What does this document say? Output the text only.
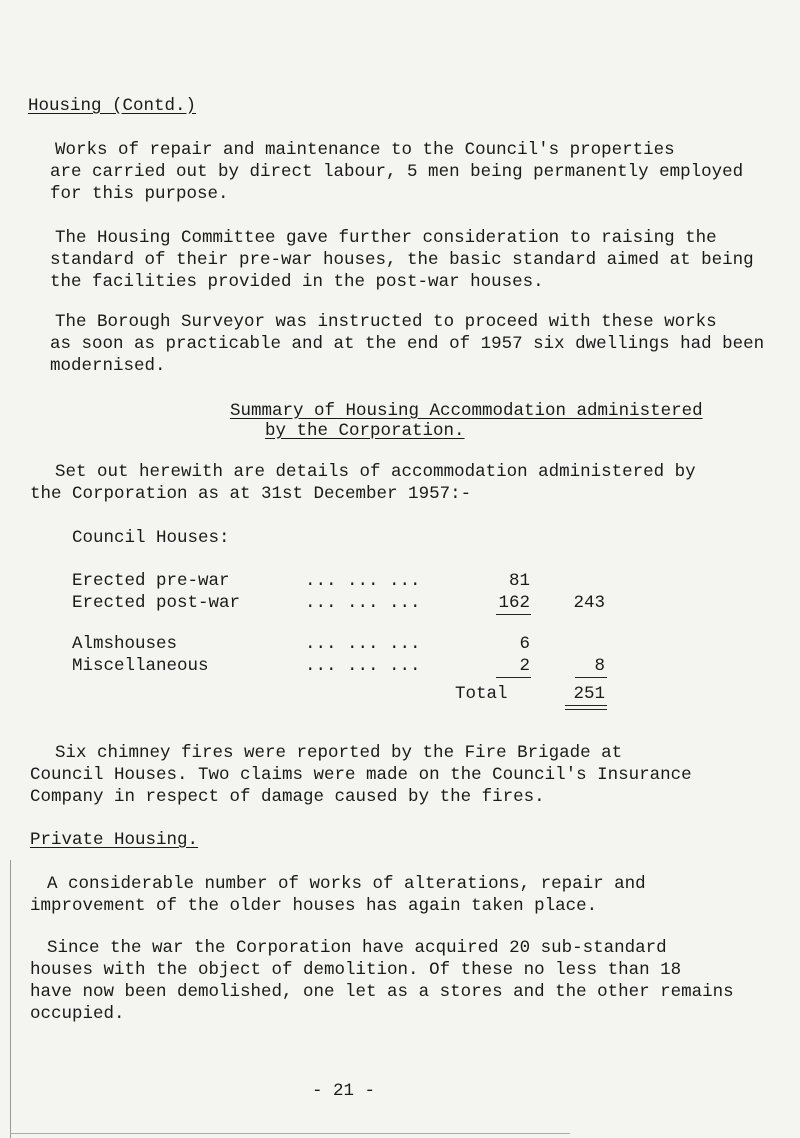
Housing (Contd.)
Works of repair and maintenance to the Council's properties
are carried out by direct labour, 5 men being permanently employed
for this purpose.
The Housing Committee gave further consideration to raising the
standard of their pre-war houses, the basic standard aimed at being
the facilities provided in the post-war houses.
The Borough Surveyor was instructed to proceed with these works
as soon as practicable and at the end of 1957 six dwellings had been
modernised.
Summary of Housing Accommodation administered
by the Corporation.
Set out herewith are details of accommodation administered by
the Corporation as at 31st December 1957:-
Council Houses:
Erected pre-war	... ... ...	81
Erected post-war	... ... ...	162	243
Almshouses	... ... ...	6
Miscellaneous	... ... ...	2	8
Total	251
Six chimney fires were reported by the Fire Brigade at
Council Houses. Two claims were made on the Council's Insurance
Company in respect of damage caused by the fires.
Private Housing.
A considerable number of works of alterations, repair and
improvement of the older houses has again taken place.
Since the war the Corporation have acquired 20 sub-standard
houses with the object of demolition. Of these no less than 18
have now been demolished, one let as a stores and the other remains
occupied.
- 21 -
